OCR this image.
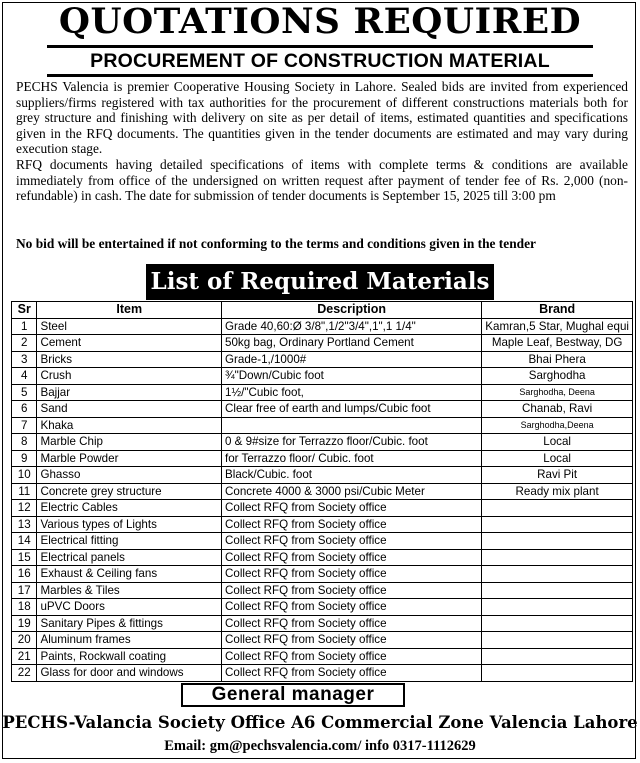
QUOTATIONS REQUIRED
PROCUREMENT OF CONSTRUCTION MATERIAL

PECHS Valencia is premier Cooperative Housing Society in Lahore. Sealed bids are invited from experienced suppliers/firms registered with tax authorities for the procurement of different constructions materials both for grey structure and finishing with delivery on site as per detail of items, estimated quantities and specifications given in the RFQ documents. The quantities given in the tender documents are estimated and may vary during execution stage.

RFQ documents having detailed specifications of items with complete terms & conditions are available immediately from office of the undersigned on written request after payment of tender fee of Rs. 2,000 (non-refundable) in cash. The date for submission of tender documents is September 15, 2025 till 3:00 pm

No bid will be entertained if not conforming to the terms and conditions given in the tender
List of Required Materials
Sr	Item	Description	Brand
1	Steel	Grade 40,60:Ø 3/8",1/2"3/4",1",1 1/4"	Kamran,5 Star, Mughal equi
2	Cement	50kg bag, Ordinary Portland Cement	Maple Leaf, Bestway, DG
3	Bricks	Grade-1,/1000#	Bhai Phera
4	Crush	¾"Down/Cubic foot	Sarghodha
5	Bajjar	1½/"Cubic foot,	Sarghodha, Deena
6	Sand	Clear free of earth and lumps/Cubic foot	Chanab, Ravi
7	Khaka		Sarghodha,Deena
8	Marble Chip	0 & 9#size for Terrazzo floor/Cubic. foot	Local
9	Marble Powder	for Terrazzo floor/ Cubic. foot	Local
10	Ghasso	Black/Cubic. foot	Ravi Pit
11	Concrete grey structure	Concrete 4000 & 3000 psi/Cubic Meter	Ready mix plant
12	Electric Cables	Collect RFQ from Society office	
13	Various types of Lights	Collect RFQ from Society office	
14	Electrical fitting	Collect RFQ from Society office	
15	Electrical panels	Collect RFQ from Society office	
16	Exhaust & Ceiling fans	Collect RFQ from Society office	
17	Marbles & Tiles	Collect RFQ from Society office	
18	uPVC Doors	Collect RFQ from Society office	
19	Sanitary Pipes & fittings	Collect RFQ from Society office	
20	Aluminum frames	Collect RFQ from Society office	
21	Paints, Rockwall coating	Collect RFQ from Society office	
22	Glass for door and windows	Collect RFQ from Society office	
General manager
PECHS-Valancia Society Office A6 Commercial Zone Valencia Lahore
Email: gm@pechsvalencia.com/ info 0317-1112629
